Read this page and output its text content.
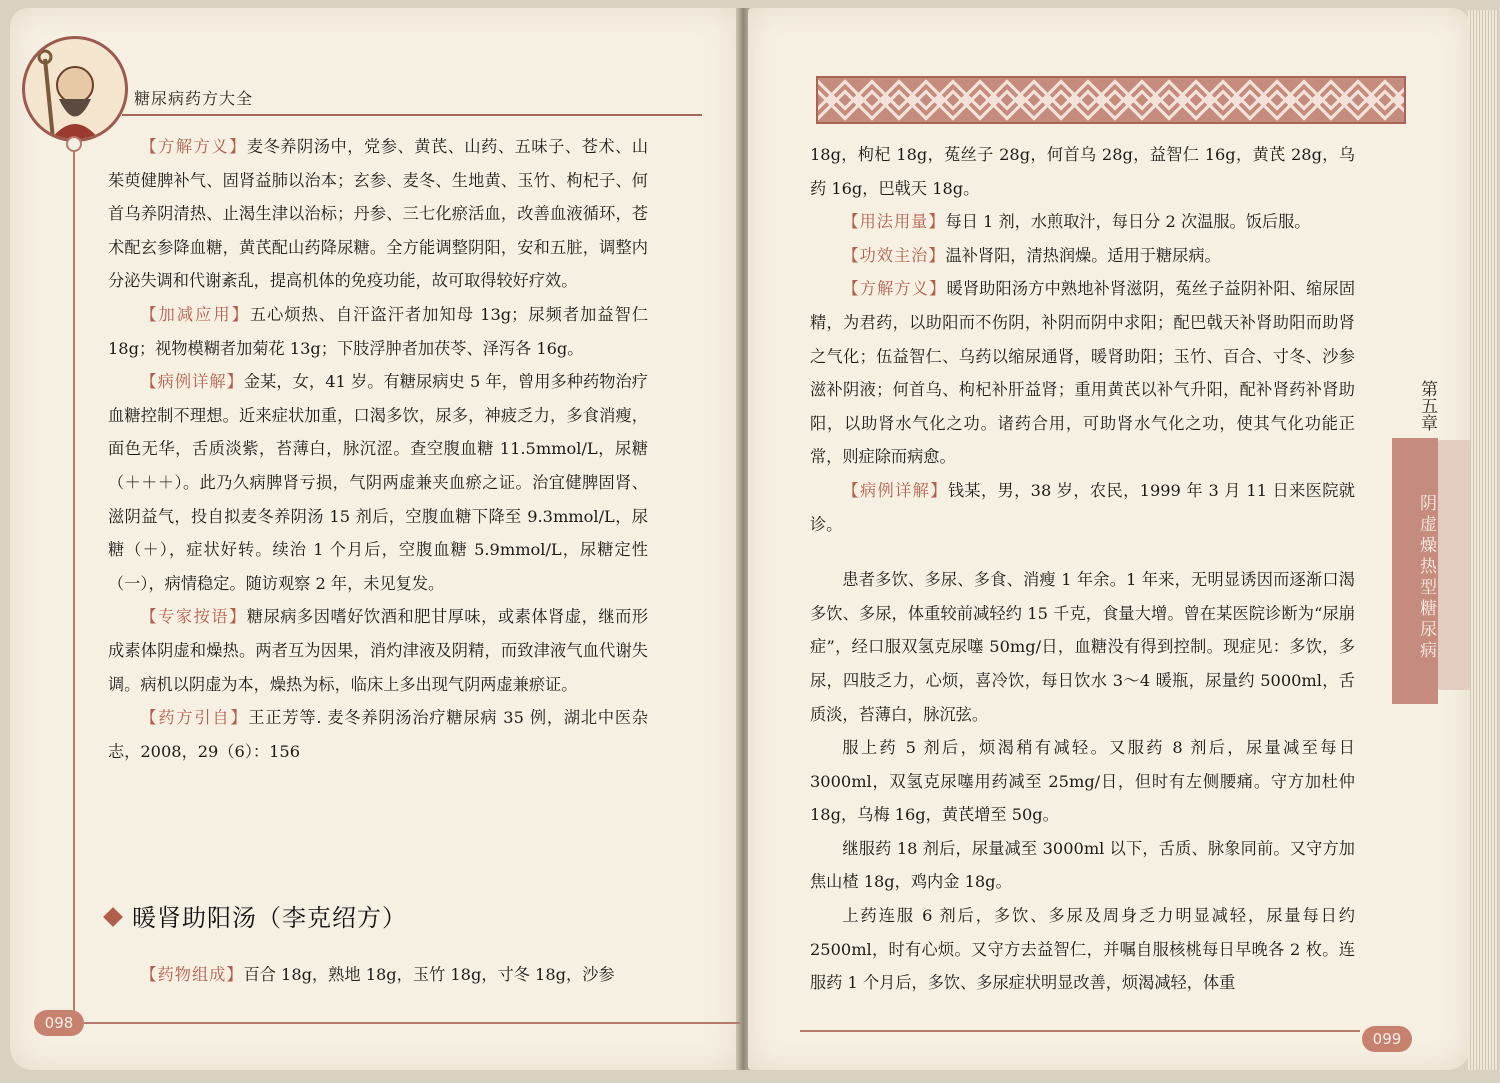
糖尿病药方大全

【方解方义】麦冬养阴汤中，党参、黄芪、山药、五味子、苍术、山茱萸健脾补气、固肾益肺以治本；玄参、麦冬、生地黄、玉竹、枸杞子、何首乌养阴清热、止渴生津以治标；丹参、三七化瘀活血，改善血液循环，苍术配玄参降血糖，黄芪配山药降尿糖。全方能调整阴阳，安和五脏，调整内分泌失调和代谢紊乱，提高机体的免疫功能，故可取得较好疗效。

【加减应用】五心烦热、自汗盗汗者加知母 13g；尿频者加益智仁 18g；视物模糊者加菊花 13g；下肢浮肿者加茯苓、泽泻各 16g。

【病例详解】金某，女，41 岁。有糖尿病史 5 年，曾用多种药物治疗血糖控制不理想。近来症状加重，口渴多饮，尿多，神疲乏力，多食消瘦，面色无华，舌质淡紫，苔薄白，脉沉涩。查空腹血糖 11.5mmol/L，尿糖（＋＋＋）。此乃久病脾肾亏损，气阴两虚兼夹血瘀之证。治宜健脾固肾、滋阴益气，投自拟麦冬养阴汤 15 剂后，空腹血糖下降至 9.3mmol/L，尿糖（＋），症状好转。续治 1 个月后，空腹血糖 5.9mmol/L，尿糖定性（一），病情稳定。随访观察 2 年，未见复发。

【专家按语】糖尿病多因嗜好饮酒和肥甘厚味，或素体肾虚，继而形成素体阴虚和燥热。两者互为因果，消灼津液及阴精，而致津液气血代谢失调。病机以阴虚为本，燥热为标，临床上多出现气阴两虚兼瘀证。

【药方引自】王正芳等. 麦冬养阴汤治疗糖尿病 35 例，湖北中医杂志，2008，29（6）：156

暖肾助阳汤（李克绍方）

【药物组成】百合 18g，熟地 18g，玉竹 18g，寸冬 18g，沙参

098

18g，枸杞 18g，菟丝子 28g，何首乌 28g，益智仁 16g，黄芪 28g，乌药 16g，巴戟天 18g。

【用法用量】每日 1 剂，水煎取汁，每日分 2 次温服。饭后服。

【功效主治】温补肾阳，清热润燥。适用于糖尿病。

【方解方义】暖肾助阳汤方中熟地补肾滋阴，菟丝子益阴补阳、缩尿固精，为君药，以助阳而不伤阴，补阴而阴中求阳；配巴戟天补肾助阳而助肾之气化；伍益智仁、乌药以缩尿通肾，暖肾助阳；玉竹、百合、寸冬、沙参滋补阴液；何首乌、枸杞补肝益肾；重用黄芪以补气升阳，配补肾药补肾助阳，以助肾水气化之功。诸药合用，可助肾水气化之功，使其气化功能正常，则症除而病愈。

【病例详解】钱某，男，38 岁，农民，1999 年 3 月 11 日来医院就诊。

患者多饮、多尿、多食、消瘦 1 年余。1 年来，无明显诱因而逐渐口渴多饮、多尿，体重较前减轻约 15 千克，食量大增。曾在某医院诊断为“尿崩症”，经口服双氢克尿噻 50mg/日，血糖没有得到控制。现症见：多饮，多尿，四肢乏力，心烦，喜冷饮，每日饮水 3～4 暖瓶，尿量约 5000ml，舌质淡，苔薄白，脉沉弦。

服上药 5 剂后，烦渴稍有减轻。又服药 8 剂后，尿量减至每日 3000ml，双氢克尿噻用药减至 25mg/日，但时有左侧腰痛。守方加杜仲 18g，乌梅 16g，黄芪增至 50g。

继服药 18 剂后，尿量减至 3000ml 以下，舌质、脉象同前。又守方加焦山楂 18g，鸡内金 18g。

上药连服 6 剂后，多饮、多尿及周身乏力明显减轻，尿量每日约 2500ml，时有心烦。又守方去益智仁，并嘱自服核桃每日早晚各 2 枚。连服药 1 个月后，多饮、多尿症状明显改善，烦渴减轻，体重

第五章
阴虚燥热型糖尿病
099
